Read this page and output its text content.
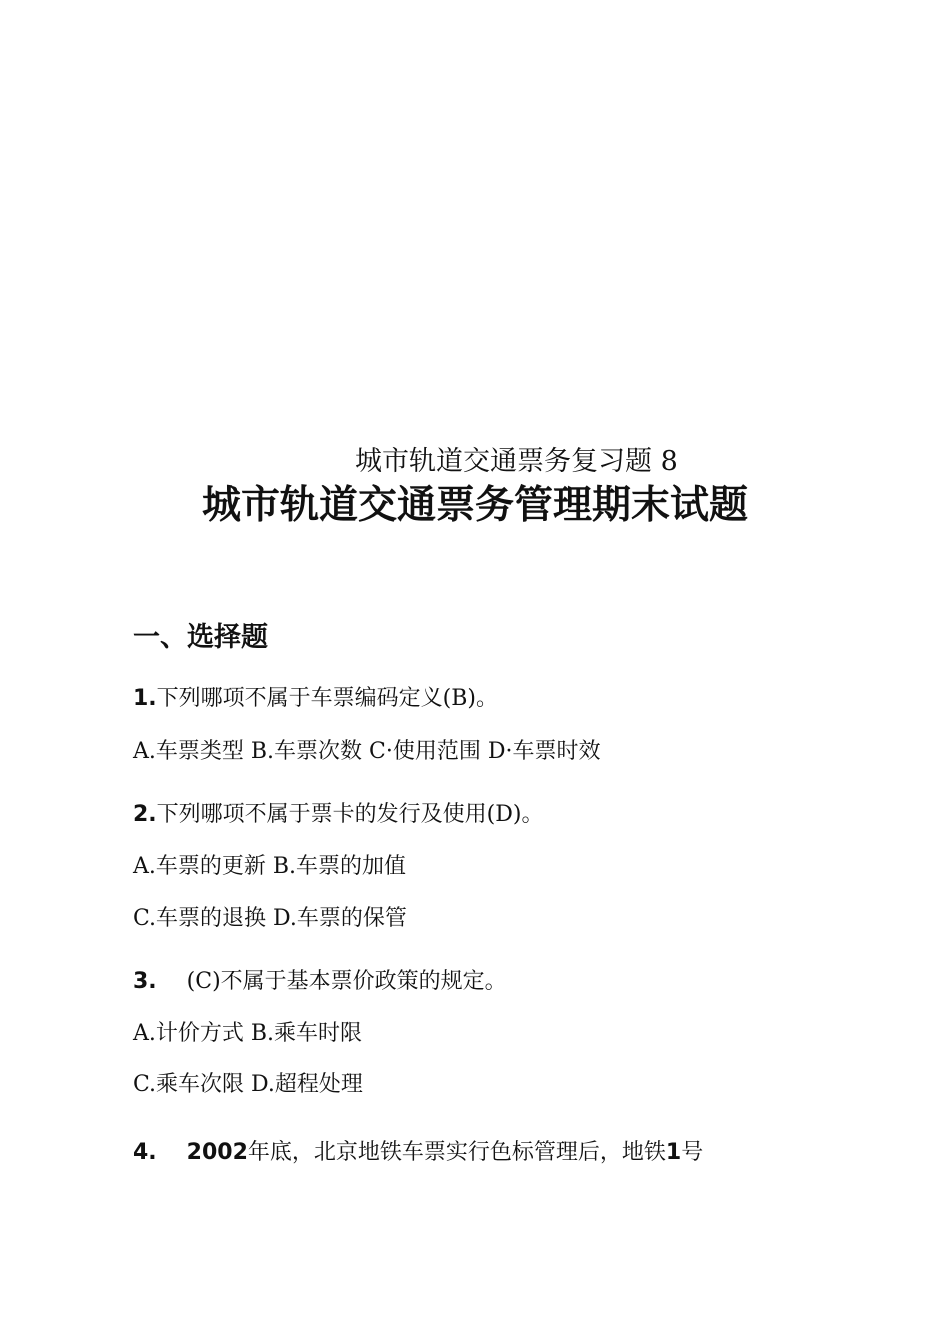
城市轨道交通票务复习题 8
城市轨道交通票务管理期末试题
一、选择题
1.下列哪项不属于车票编码定义(B)。
A.车票类型 B.车票次数 C·使用范围 D·车票时效
2.下列哪项不属于票卡的发行及使用(D)。
A.车票的更新 B.车票的加值
C.车票的退换 D.车票的保管
3. (C)不属于基本票价政策的规定。
A.计价方式 B.乘车时限
C.乘车次限 D.超程处理
4. 2002年底，北京地铁车票实行色标管理后，地铁1号
